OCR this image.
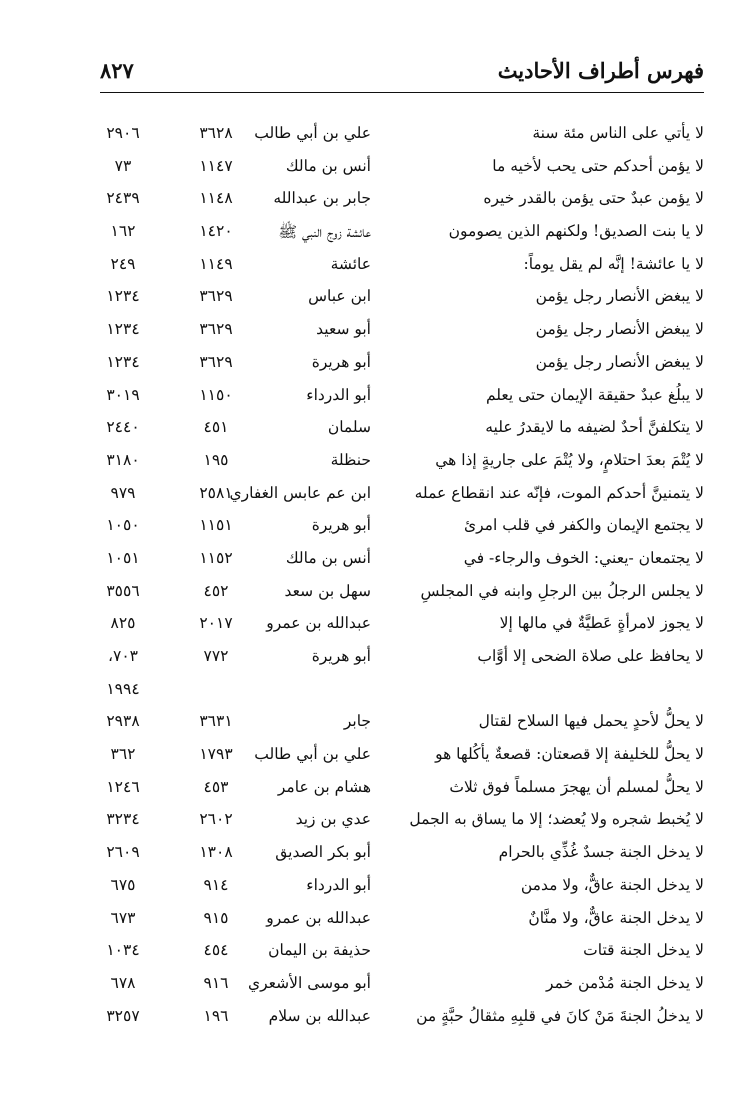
فهرس أطراف الأحاديث
٨٢٧
لا يأتي على الناس مئة سنة
علي بن أبي طالب
٣٦٢٨
٢٩٠٦
لا يؤمن أحدكم حتى يحب لأخيه ما
أنس بن مالك
١١٤٧
٧٣
لا يؤمن عبدٌ حتى يؤمن بالقدر خيره
جابر بن عبدالله
١١٤٨
٢٤٣٩
لا يا بنت الصديق! ولكنهم الذين يصومون
عائشة زوج النبي ﷺ
١٤٢٠
١٦٢
لا يا عائشة! إنَّه لم يقل يوماً:
عائشة
١١٤٩
٢٤٩
لا يبغض الأنصار رجل يؤمن
ابن عباس
٣٦٢٩
١٢٣٤
لا يبغض الأنصار رجل يؤمن
أبو سعيد
٣٦٢٩
١٢٣٤
لا يبغض الأنصار رجل يؤمن
أبو هريرة
٣٦٢٩
١٢٣٤
لا يبلُغ عبدٌ حقيقة الإيمان حتى يعلم
أبو الدرداء
١١٥٠
٣٠١٩
لا يتكلفنَّ أحدٌ لضيفه ما لايقدرُ عليه
سلمان
٤٥١
٢٤٤٠
لا يُتْمَ بعدَ احتلامٍ، ولا يُتْمَ على جاريةٍ إذا هي
حنظلة
١٩٥
٣١٨٠
لا يتمنينَّ أحدكم الموت، فإنّه عند انقطاع عمله
ابن عم عابس الغفاري
٢٥٨١
٩٧٩
لا يجتمع الإيمان والكفر في قلب امرئ
أبو هريرة
١١٥١
١٠٥٠
لا يجتمعان -يعني: الخوف والرجاء- في
أنس بن مالك
١١٥٢
١٠٥١
لا يجلس الرجلُ بين الرجلِ وابنه في المجلسِ
سهل بن سعد
٤٥٢
٣٥٥٦
لا يجوز لامرأةٍ عَطيَّةٌ في مالها إلا
عبدالله بن عمرو
٢٠١٧
٨٢٥
لا يحافظ على صلاة الضحى إلا أوَّاب
أبو هريرة
٧٧٢
٧٠٣،
١٩٩٤
لا يحلُّ لأحدٍ يحمل فيها السلاح لقتال
جابر
٣٦٣١
٢٩٣٨
لا يحلُّ للخليفة إلا قصعتان: قصعةٌ يأكُلها هو
علي بن أبي طالب
١٧٩٣
٣٦٢
لا يحلُّ لمسلم أن يهجرَ مسلماً فوق ثلاث
هشام بن عامر
٤٥٣
١٢٤٦
لا يُخبط شجره ولا يُعضد؛ إلا ما يساق به الجمل
عدي بن زيد
٢٦٠٢
٣٢٣٤
لا يدخل الجنة جسدٌ غُذِّي بالحرام
أبو بكر الصديق
١٣٠٨
٢٦٠٩
لا يدخل الجنة عاقٌّ، ولا مدمن
أبو الدرداء
٩١٤
٦٧٥
لا يدخل الجنة عاقٌّ، ولا منَّانٌ
عبدالله بن عمرو
٩١٥
٦٧٣
لا يدخل الجنة قتات
حذيفة بن اليمان
٤٥٤
١٠٣٤
لا يدخل الجنة مُدْمن خمر
أبو موسى الأشعري
٩١٦
٦٧٨
لا يدخلُ الجنةَ مَنْ كانَ في قلبِهِ مثقالُ حبَّةٍ من
عبدالله بن سلام
١٩٦
٣٢٥٧
